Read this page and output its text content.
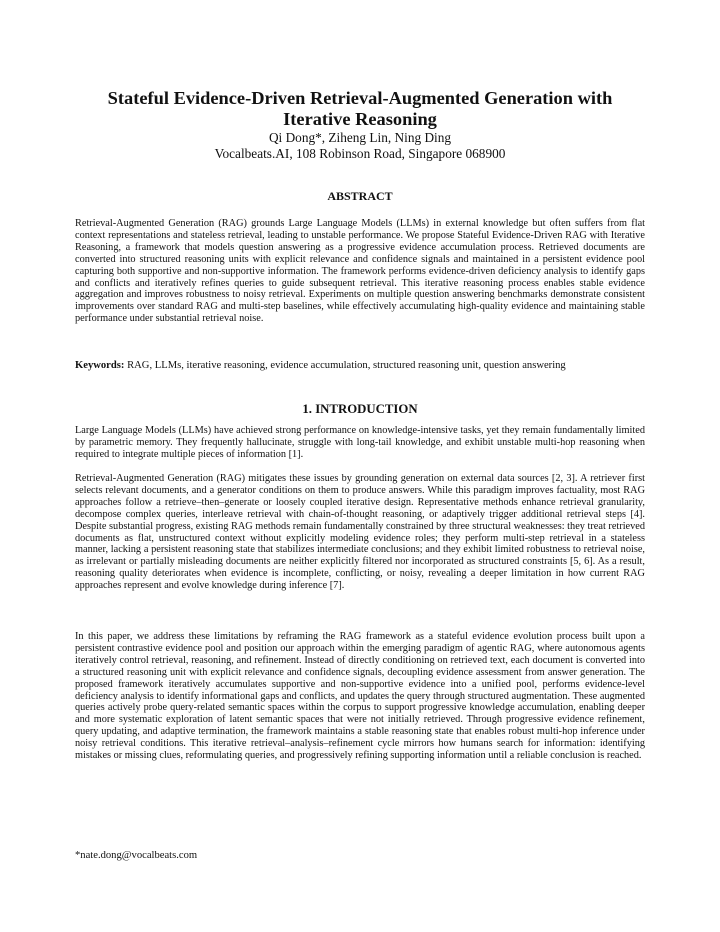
Stateful Evidence-Driven Retrieval-Augmented Generation with
Iterative Reasoning
Qi Dong*, Ziheng Lin, Ning Ding
Vocalbeats.AI, 108 Robinson Road, Singapore 068900
ABSTRACT

Retrieval-Augmented Generation (RAG) grounds Large Language Models (LLMs) in external knowledge but often suffers from flat context representations and stateless retrieval, leading to unstable performance. We propose Stateful Evidence-Driven RAG with Iterative Reasoning, a framework that models question answering as a progressive evidence accumulation process. Retrieved documents are converted into structured reasoning units with explicit relevance and confidence signals and maintained in a persistent evidence pool capturing both supportive and non-supportive information. The framework performs evidence-driven deficiency analysis to identify gaps and conflicts and iteratively refines queries to guide subsequent retrieval. This iterative reasoning process enables stable evidence aggregation and improves robustness to noisy retrieval. Experiments on multiple question answering benchmarks demonstrate consistent improvements over standard RAG and multi-step baselines, while effectively accumulating high-quality evidence and maintaining stable performance under substantial retrieval noise.

Keywords: RAG, LLMs, iterative reasoning, evidence accumulation, structured reasoning unit, question answering

1. INTRODUCTION

Large Language Models (LLMs) have achieved strong performance on knowledge-intensive tasks, yet they remain fundamentally limited by parametric memory. They frequently hallucinate, struggle with long-tail knowledge, and exhibit unstable multi-hop reasoning when required to integrate multiple pieces of information [1].

Retrieval-Augmented Generation (RAG) mitigates these issues by grounding generation on external data sources [2, 3]. A retriever first selects relevant documents, and a generator conditions on them to produce answers. While this paradigm improves factuality, most RAG approaches follow a retrieve–then–generate or loosely coupled iterative design. Representative methods enhance retrieval granularity, decompose complex queries, interleave retrieval with chain-of-thought reasoning, or adaptively trigger additional retrieval steps [4]. Despite substantial progress, existing RAG methods remain fundamentally constrained by three structural weaknesses: they treat retrieved documents as flat, unstructured context without explicitly modeling evidence roles; they perform multi-step retrieval in a stateless manner, lacking a persistent reasoning state that stabilizes intermediate conclusions; and they exhibit limited robustness to retrieval noise, as irrelevant or partially misleading documents are neither explicitly filtered nor incorporated as structured constraints [5, 6]. As a result, reasoning quality deteriorates when evidence is incomplete, conflicting, or noisy, revealing a deeper limitation in how current RAG approaches represent and evolve knowledge during inference [7].

In this paper, we address these limitations by reframing the RAG framework as a stateful evidence evolution process built upon a persistent contrastive evidence pool and position our approach within the emerging paradigm of agentic RAG, where autonomous agents iteratively control retrieval, reasoning, and refinement. Instead of directly conditioning on retrieved text, each document is converted into a structured reasoning unit with explicit relevance and confidence signals, decoupling evidence assessment from answer generation. The proposed framework iteratively accumulates supportive and non-supportive evidence into a unified pool, performs evidence-level deficiency analysis to identify informational gaps and conflicts, and updates the query through structured augmentation. These augmented queries actively probe query-related semantic spaces within the corpus to support progressive knowledge accumulation, enabling deeper and more systematic exploration of latent semantic spaces that were not initially retrieved. Through progressive evidence refinement, query updating, and adaptive termination, the framework maintains a stable reasoning state that enables robust multi-hop inference under noisy retrieval conditions. This iterative retrieval–analysis–refinement cycle mirrors how humans search for information: identifying mistakes or missing clues, reformulating queries, and progressively refining supporting information until a reliable conclusion is reached.

*nate.dong@vocalbeats.com
